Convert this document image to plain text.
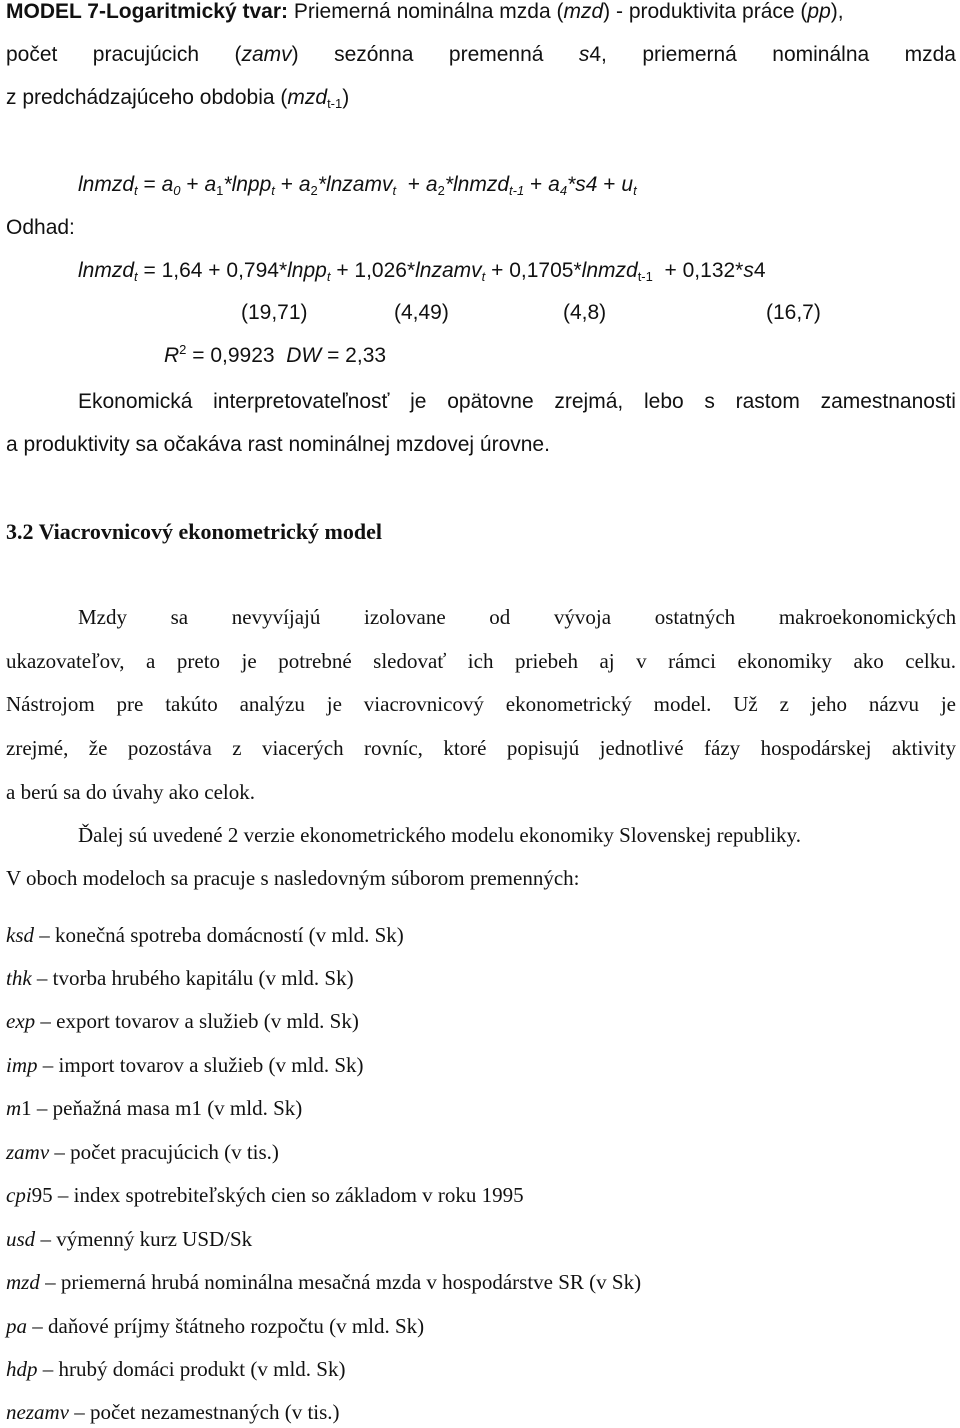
MODEL 7-Logaritmický tvar: Priemerná nominálna mzda (mzd) - produktivita práce (pp),
počet pracujúcich (zamv) sezónna premenná s4, priemerná nominálna mzda
z predchádzajúceho obdobia (mzd$_{t-1}$)
lnmzd$_t$ = $a_0$ + $a_1*lnpp_t$ + $a_2*lnzamv_t$ + $a_2*lnmzd_{t-1} + a_4*s4 + u_t$
Odhad:
lnmzd$_t$ = 1,64 + 0,794*lnpp$_t$ + 1,026*lnzamv$_t$ + 0,1705*lnmzd$_{t-1}$ + 0,132*s4
(19,71)	(4,49)	(4,8)	(16,7)
$R^2 = 0,9923$ DW = 2,33
Ekonomická interpretovateľnosť je opätovne zrejmá, lebo s rastom zamestnanosti
a produktivity sa očakáva rast nominálnej mzdovej úrovne.
3.2 Viacrovnicový ekonometrický model
Mzdy sa nevyvíjajú izolovane od vývoja ostatných makroekonomických
ukazovateľov, a preto je potrebné sledovať ich priebeh aj v rámci ekonomiky ako celku.
Nástrojom pre takúto analýzu je viacrovnicový ekonometrický model. Už z jeho názvu je
zrejmé, že pozostáva z viacerých rovníc, ktoré popisujú jednotlivé fázy hospodárskej aktivity
a berú sa do úvahy ako celok.
Ďalej sú uvedené 2 verzie ekonometrického modelu ekonomiky Slovenskej republiky.
V oboch modeloch sa pracuje s nasledovným súborom premenných:
ksd – konečná spotreba domácností (v mld. Sk)
thk – tvorba hrubého kapitálu (v mld. Sk)
exp – export tovarov a služieb (v mld. Sk)
imp – import tovarov a služieb (v mld. Sk)
m1 – peňažná masa m1 (v mld. Sk)
zamv – počet pracujúcich (v tis.)
cpi95 – index spotrebiteľských cien so základom v roku 1995
usd – výmenný kurz USD/Sk
mzd – priemerná hrubá nominálna mesačná mzda v hospodárstve SR (v Sk)
pa – daňové príjmy štátneho rozpočtu (v mld. Sk)
hdp – hrubý domáci produkt (v mld. Sk)
nezamv – počet nezamestnaných (v tis.)
